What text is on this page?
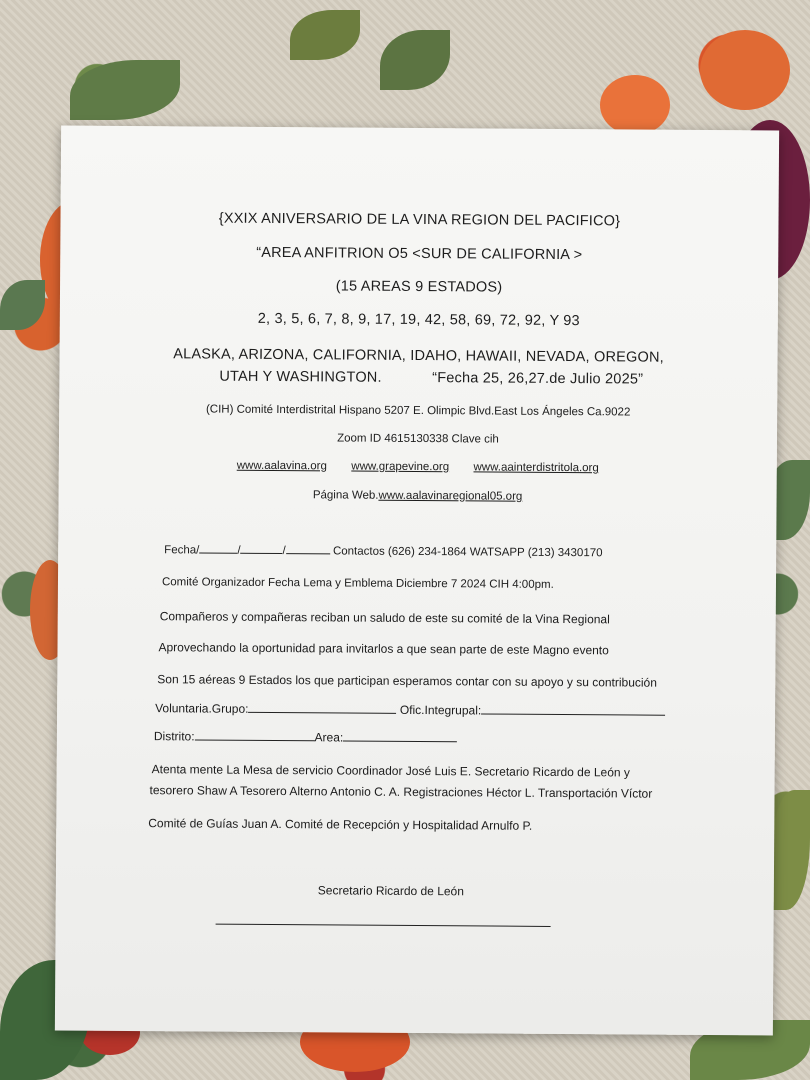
{XXIX ANIVERSARIO DE LA VINA REGION DEL PACIFICO}
“AREA ANFITRION O5 <SUR DE CALIFORNIA >
(15 AREAS 9 ESTADOS)
2, 3, 5, 6, 7, 8, 9, 17, 19, 42, 58, 69, 72, 92, Y 93
ALASKA, ARIZONA, CALIFORNIA, IDAHO, HAWAII, NEVADA, OREGON,
UTAH Y WASHINGTON.	“Fecha 25, 26,27.de Julio 2025”
(CIH) Comité Interdistrital Hispano 5207 E. Olimpic Blvd.East Los Ángeles Ca.9022
Zoom ID 4615130338 Clave cih
www.aalavina.org www.grapevine.org www.aainterdistritola.org
Página Web.www.aalavinaregional05.org
Fecha/	/	/	Contactos (626) 234-1864 WATSAPP (213) 3430170
Comité Organizador Fecha Lema y Emblema Diciembre 7 2024 CIH 4:00pm.
Compañeros y compañeras reciban un saludo de este su comité de la Vina Regional
Aprovechando la oportunidad para invitarlos a que sean parte de este Magno evento
Son 15 aéreas 9 Estados los que participan esperamos contar con su apoyo y su contribución
Voluntaria.Grupo:	Ofic.Integrupal:
Distrito:	Area:
Atenta mente La Mesa de servicio Coordinador José Luis E. Secretario Ricardo de León y
tesorero Shaw A Tesorero Alterno Antonio C. A. Registraciones Héctor L. Transportación Víctor
Comité de Guías Juan A. Comité de Recepción y Hospitalidad Arnulfo P.
Secretario Ricardo de León
